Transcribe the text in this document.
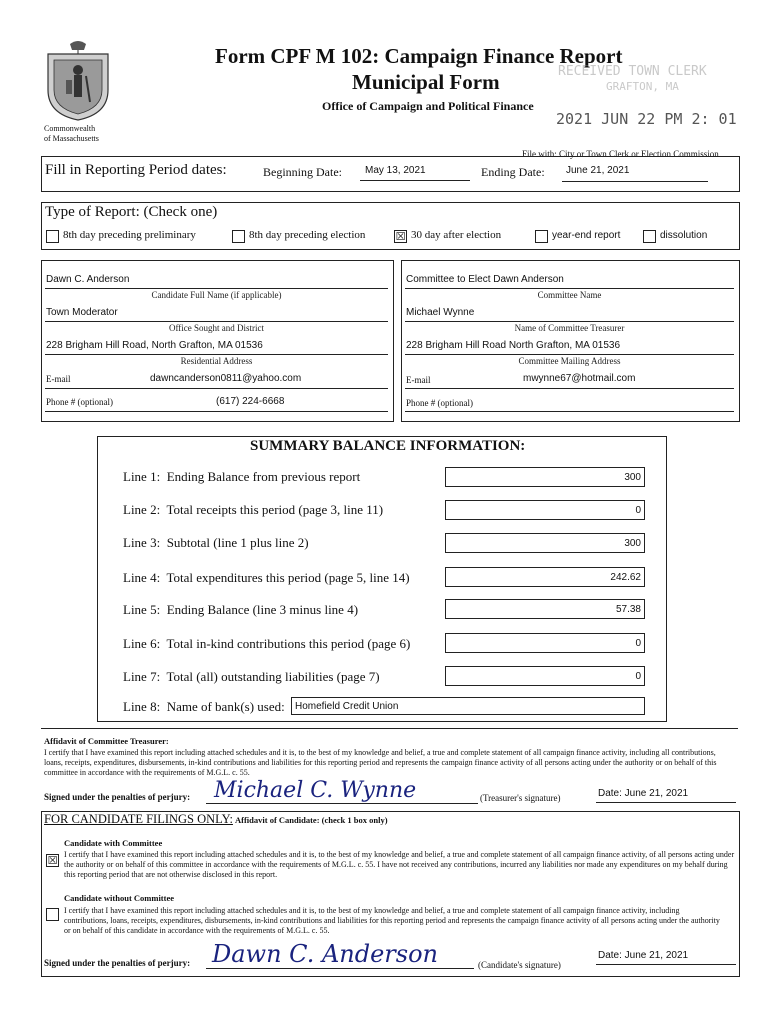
Commonwealth
of Massachusetts
Form CPF M 102: Campaign Finance Report
Municipal Form
Office of Campaign and Political Finance
RECEIVED TOWN CLERK
GRAFTON, MA
2021 JUN 22 PM 2: 01
File with: City or Town Clerk or Election Commission
Fill in Reporting Period dates:	Beginning Date: May 13, 2021	Ending Date: June 21, 2021
Type of Report: (Check one)
8th day preceding preliminary	8th day preceding election	☒ 30 day after election	year-end report	dissolution
Dawn C. Anderson
Candidate Full Name (if applicable)
Town Moderator
Office Sought and District
228 Brigham Hill Road, North Grafton, MA 01536
Residential Address
E-mail	dawncanderson0811@yahoo.com
Phone # (optional)	(617) 224-6668
Committee to Elect Dawn Anderson
Committee Name
Michael Wynne
Name of Committee Treasurer
228 Brigham Hill Road North Grafton, MA 01536
Committee Mailing Address
E-mail	mwynne67@hotmail.com
Phone # (optional)
SUMMARY BALANCE INFORMATION:
Line 1: Ending Balance from previous report	300
Line 2: Total receipts this period (page 3, line 11)	0
Line 3: Subtotal (line 1 plus line 2)	300
Line 4: Total expenditures this period (page 5, line 14)	242.62
Line 5: Ending Balance (line 3 minus line 4)	57.38
Line 6: Total in-kind contributions this period (page 6)	0
Line 7: Total (all) outstanding liabilities (page 7)	0
Line 8: Name of bank(s) used:	Homefield Credit Union
Affidavit of Committee Treasurer:
I certify that I have examined this report including attached schedules and it is, to the best of my knowledge and belief, a true and complete statement of all campaign finance activity, including all contributions, loans, receipts, expenditures, disbursements, in-kind contributions and liabilities for this reporting period and represents the campaign finance activity of all persons acting under the authority or on behalf of this committee in accordance with the requirements of M.G.L. c. 55.
Signed under the penalties of perjury: Michael C. Wynne	(Treasurer's signature)	Date: June 21, 2021
FOR CANDIDATE FILINGS ONLY: Affidavit of Candidate: (check 1 box only)
Candidate with Committee
☒ I certify that I have examined this report including attached schedules and it is, to the best of my knowledge and belief, a true and complete statement of all campaign finance activity, of all persons acting under the authority or on behalf of this committee in accordance with the requirements of M.G.L. c. 55. I have not received any contributions, incurred any liabilities nor made any expenditures on my behalf during this reporting period that are not otherwise disclosed in this report.
Candidate without Committee
I certify that I have examined this report including attached schedules and it is, to the best of my knowledge and belief, a true and complete statement of all campaign finance activity, including contributions, loans, receipts, expenditures, disbursements, in-kind contributions and liabilities for this reporting period and represents the campaign finance activity of all persons acting under the authority or on behalf of this candidate in accordance with the requirements of M.G.L. c. 55.
Signed under the penalties of perjury: Dawn C. Anderson	(Candidate's signature)
Date: June 21, 2021
